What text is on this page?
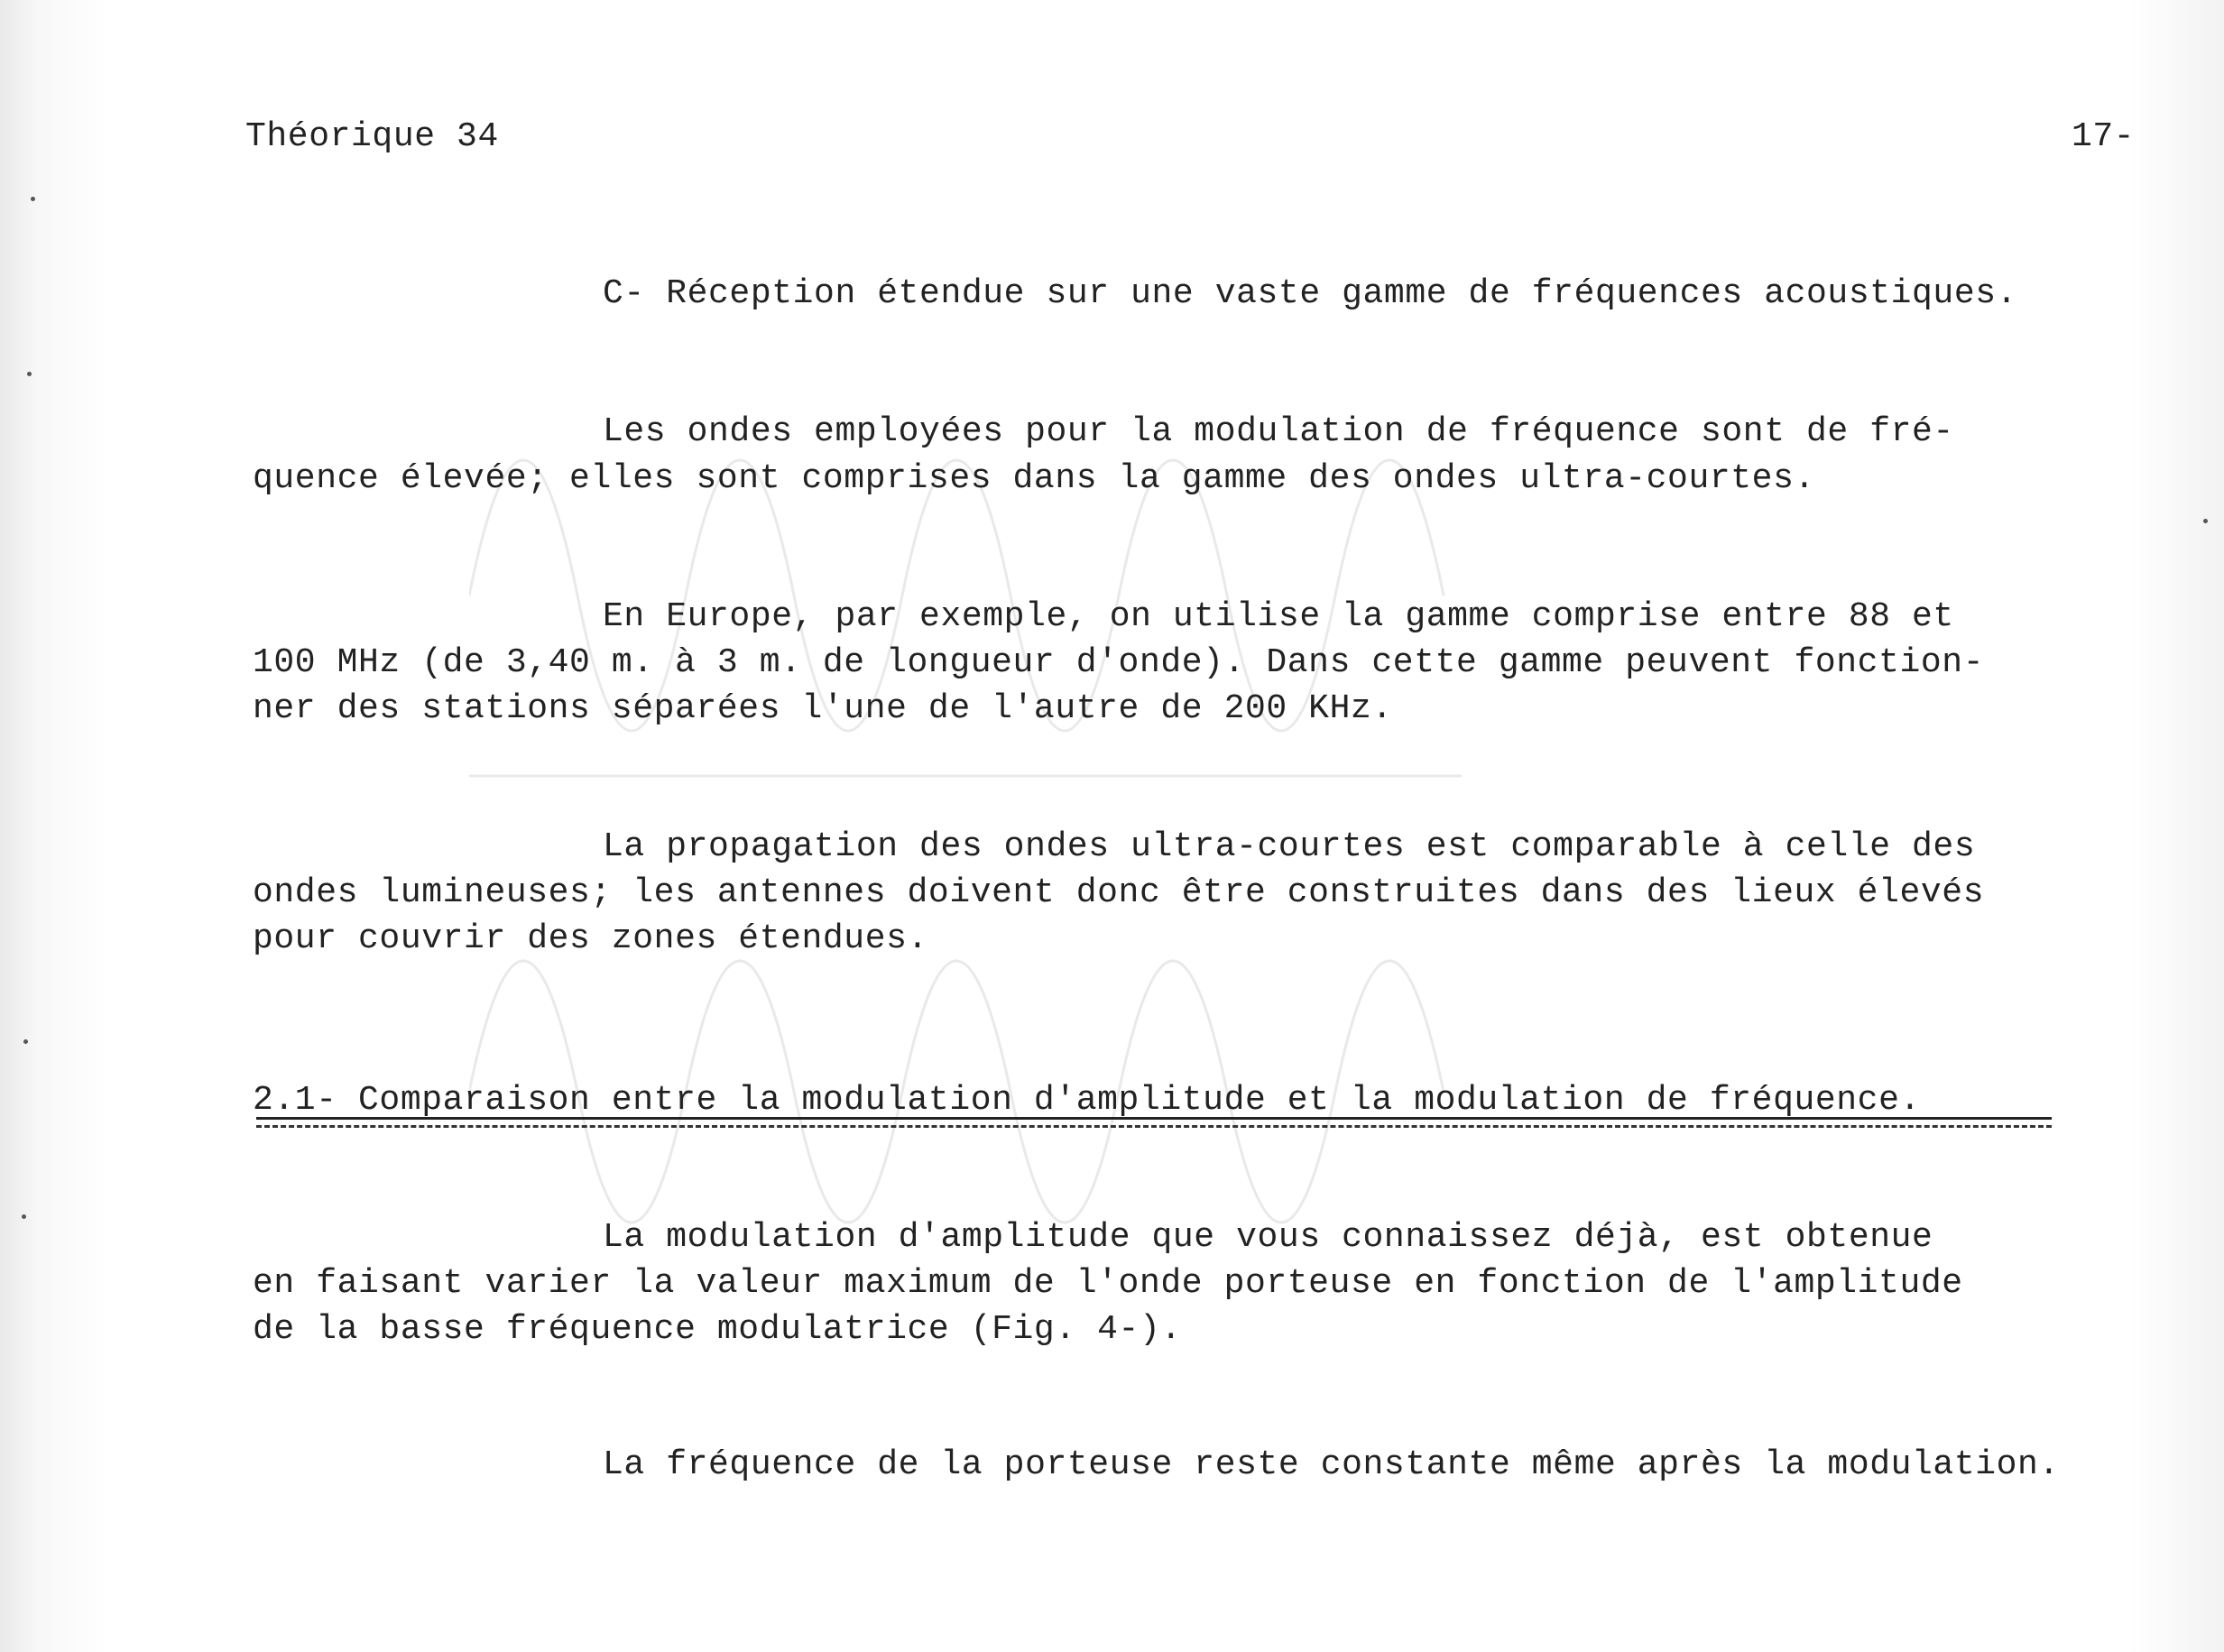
Théorique 34	17-
C- Réception étendue sur une vaste gamme de fréquences acoustiques.
Les ondes employées pour la modulation de fréquence sont de fré-
quence élevée; elles sont comprises dans la gamme des ondes ultra-courtes.
En Europe, par exemple, on utilise la gamme comprise entre 88 et
100 MHz (de 3,40 m. à 3 m. de longueur d'onde). Dans cette gamme peuvent fonction-
ner des stations séparées l'une de l'autre de 200 KHz.
La propagation des ondes ultra-courtes est comparable à celle des
ondes lumineuses; les antennes doivent donc être construites dans des lieux élevés
pour couvrir des zones étendues.
2.1- Comparaison entre la modulation d'amplitude et la modulation de fréquence.
La modulation d'amplitude que vous connaissez déjà, est obtenue
en faisant varier la valeur maximum de l'onde porteuse en fonction de l'amplitude
de la basse fréquence modulatrice (Fig. 4-).
La fréquence de la porteuse reste constante même après la modulation.
